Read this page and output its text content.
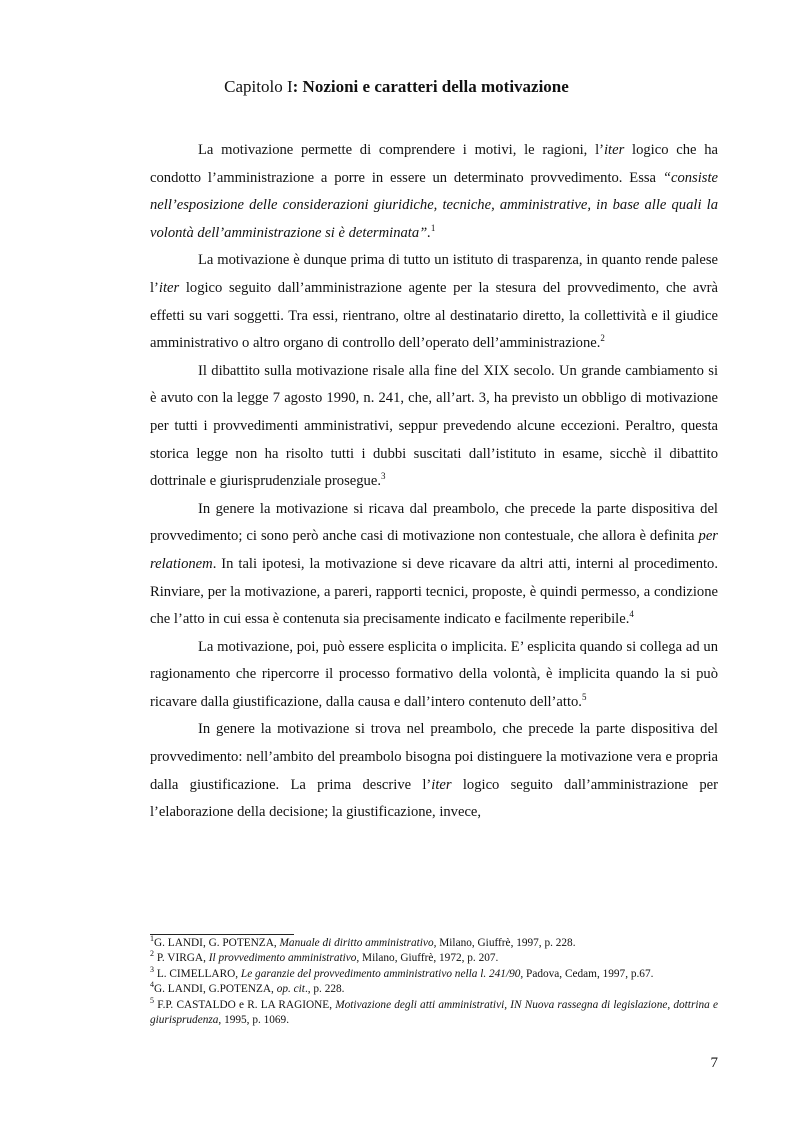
Capitolo I: Nozioni e caratteri della motivazione

La motivazione permette di comprendere i motivi, le ragioni, l’iter logico che ha condotto l’amministrazione a porre in essere un determinato provvedimento. Essa “consiste nell’esposizione delle considerazioni giuridiche, tecniche, amministrative, in base alle quali la volontà dell’amministrazione si è determinata”.$^1$

La motivazione è dunque prima di tutto un istituto di trasparenza, in quanto rende palese l’iter logico seguito dall’amministrazione agente per la stesura del provvedimento, che avrà effetti su vari soggetti. Tra essi, rientrano, oltre al destinatario diretto, la collettività e il giudice amministrativo o altro organo di controllo dell’operato dell’amministrazione.$^2$

Il dibattito sulla motivazione risale alla fine del XIX secolo. Un grande cambiamento si è avuto con la legge 7 agosto 1990, n. 241, che, all’art. 3, ha previsto un obbligo di motivazione per tutti i provvedimenti amministrativi, seppur prevedendo alcune eccezioni. Peraltro, questa storica legge non ha risolto tutti i dubbi suscitati dall’istituto in esame, sicchè il dibattito dottrinale e giurisprudenziale prosegue.$^3$

In genere la motivazione si ricava dal preambolo, che precede la parte dispositiva del provvedimento; ci sono però anche casi di motivazione non contestuale, che allora è definita per relationem. In tali ipotesi, la motivazione si deve ricavare da altri atti, interni al procedimento. Rinviare, per la motivazione, a pareri, rapporti tecnici, proposte, è quindi permesso, a condizione che l’atto in cui essa è contenuta sia precisamente indicato e facilmente reperibile.$^4$

La motivazione, poi, può essere esplicita o implicita. E’ esplicita quando si collega ad un ragionamento che ripercorre il processo formativo della volontà, è implicita quando la si può ricavare dalla giustificazione, dalla causa e dall’intero contenuto dell’atto.$^5$

In genere la motivazione si trova nel preambolo, che precede la parte dispositiva del provvedimento: nell’ambito del preambolo bisogna poi distinguere la motivazione vera e propria dalla giustificazione. La prima descrive l’iter logico seguito dall’amministrazione per l’elaborazione della decisione; la giustificazione, invece,

$^1$G. LANDI, G. POTENZA, Manuale di diritto amministrativo, Milano, Giuffrè, 1997, p. 228.

$^2$ P. VIRGA, Il provvedimento amministrativo, Milano, Giuffrè, 1972, p. 207.

$^3$ L. CIMELLARO, Le garanzie del provvedimento amministrativo nella l. 241/90, Padova, Cedam, 1997, p.67.

$^4$G. LANDI, G.POTENZA, op. cit., p. 228.

$^5$ F.P. CASTALDO e R. LA RAGIONE, Motivazione degli atti amministrativi, IN Nuova rassegna di legislazione, dottrina e giurisprudenza, 1995, p. 1069.

7
